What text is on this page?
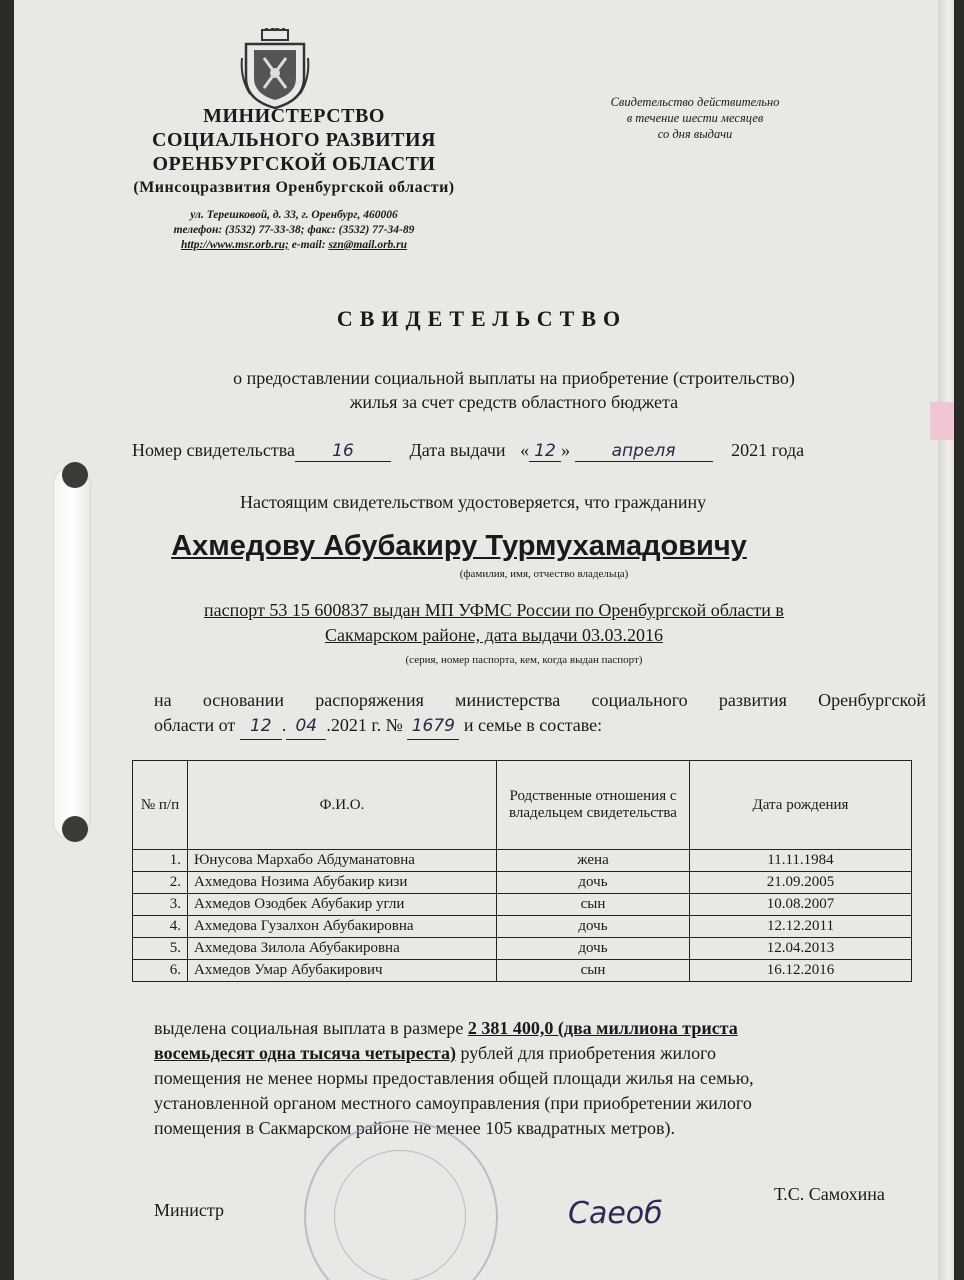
МИНИСТЕРСТВО
СОЦИАЛЬНОГО РАЗВИТИЯ
ОРЕНБУРГСКОЙ ОБЛАСТИ
(Минсоцразвития Оренбургской области)
ул. Терешковой, д. 33, г. Оренбург, 460006
телефон: (3532) 77-33-38; факс: (3532) 77-34-89
http://www.msr.orb.ru; e-mail: szn@mail.orb.ru
Свидетельство действительно
в течение шести месяцев
со дня выдачи
СВИДЕТЕЛЬСТВО
о предоставлении социальной выплаты на приобретение (строительство)
жилья за счет средств областного бюджета
Номер свидетельства 16	Дата выдачи « 12 » апреля	2021 года
Настоящим свидетельством удостоверяется, что гражданину
Ахмедову Абубакиру Турмухамадовичу
(фамилия, имя, отчество владельца)
паспорт 53 15 600837 выдан МП УФМС России по Оренбургской области в
Сакмарском районе, дата выдачи 03.03.2016
(серия, номер паспорта, кем, когда выдан паспорт)
на основании распоряжения министерства социального развития Оренбургской
области от 12 . 04 .2021 г. № 1679 и семье в составе:
№ п/п	Ф.И.О.	Родственные отношения с владельцем свидетельства	Дата рождения
1.	Юнусова Мархабо Абдуманатовна	жена	11.11.1984
2.	Ахмедова Нозима Абубакир кизи	дочь	21.09.2005
3.	Ахмедов Озодбек Абубакир угли	сын	10.08.2007
4.	Ахмедова Гузалхон Абубакировна	дочь	12.12.2011
5.	Ахмедова Зилола Абубакировна	дочь	12.04.2013
6.	Ахмедов Умар Абубакирович	сын	16.12.2016
выделена социальная выплата в размере 2 381 400,0 (два миллиона триста
восемьдесят одна тысяча четыреста) рублей для приобретения жилого
помещения не менее нормы предоставления общей площади жилья на семью,
установленной органом местного самоуправления (при приобретении жилого
помещения в Сакмарском районе не менее 105 квадратных метров).
Министр	Саеоб
Т.С. Самохина
